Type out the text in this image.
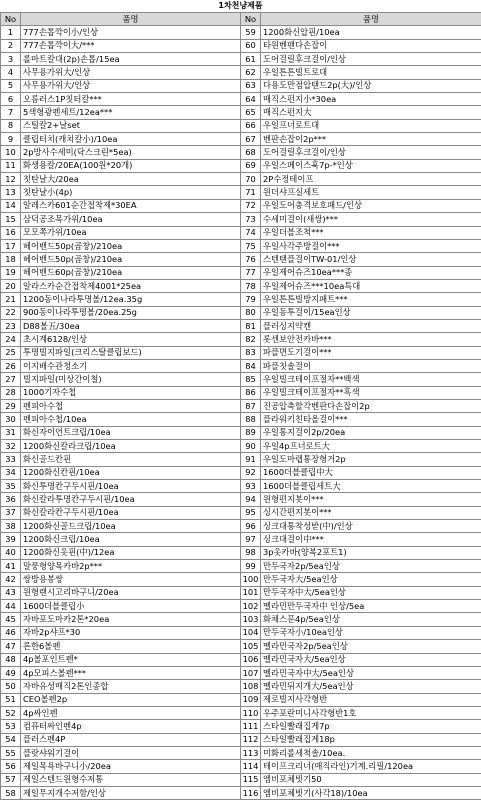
1차천냥제품
No	품명	No	품명
1	777손톱깍이小/인상	59	1200화신압핀/10ea
2	777손톱깍이大/***	60	타원벤팬다손잡이
3	롤마트칼대(2p)손톱/15ea	61	도어걸릴후크걸이/인상
4	사무용가위大/인상	62	우일튼튼빌트로대
5	사무용가위大/인상	63	다용도만점압탠드2p(大)/인상
6	오름러스1P칫터칼***	64	매직스펀지小*30ea
7	5색형광펜세트/12ea***	65	매직스펀지大
8	스틸칼2+날set	66	우일프너로트대
9	클립터치(캐치칼小)/10ea	67	벤판손잡이2p***
10	2p방사수세미(닥스크린*5ea)	68	도어걸릴후크걸이/인상
11	화생용칼/20EA(100원*20개)	69	우일스페이스훅7p-*인상
12	칫탄날大/20ea	70	2P수정테이프
13	칫탄날小(4p)	71	원더샤프실세트
14	알레스카601순간접착제*30EA	72	우일도어충격보호패드/인상
15	삼덕공조목가위/10ea	73	수세미걸이(새쌍)***
16	모모쪽가위/10ea	74	우일더블조척***
17	헤어밴드50p(곱창)/210ea	75	우일사각주방걸이***
18	헤어밴드50p(곱창)/210ea	76	스텐탠플걸이TW-01/인상
19	헤어밴드60p(곱창)/210ea	77	우일제어슈즈10ea***종
20	알라스카순간접착제4001*25ea	78	우일제어슈즈***10ea특대
21	1200동이나라투명볼/12ea.35g	79	우일튼튼빌방지패트***
22	900동이나라투명볼/20ea.25g	80	우일동투걸이/15ea인상
23	D88볼五/30ea	81	플러싱지약캔
24	초시계6128/인상	82	롯센보안전카바***
25	투명빌지파일(크리스탈클립보드)	83	파플면도기걸이***
26	이지배수관청소기	84	파플칫솔걸이
27	빌지파일(미상간이철)	85	우일빌크테이프절자**백색
28	1000기자수첩	86	우일빌크테이프절자**흑색
29	펜피아수첩	87	진공압축할각벤판다손잡이2p
30	펜피아수첩/10ea	88	플라워키친타올걸이***
31	화신자이언트크립/10ea	89	우일통지걸이2p/20ea
32	1200화신칼라크립/10ea	90	우일4p프너로트大
33	화신골드칸핀	91	우일도마랩통장형거2p
34	1200화신칸핀/10ea	92	1600더블클립中大
35	화신투명칸구두시핀/10ea	93	1600더블클립세트大
36	화신칼라투명칸구두시핀/10ea	94	원형편지봇이***
37	화신칼라칸구두시핀/10ea	95	싱시간편지봇이***
38	1200화신골드크립/10ea	96	싱크대통착성받(中)/인상
39	1200화신크립/10ea	97	싱크대걸이中***
40	1200화신옷핀(中)/12ea	98	3p옷카바(양복2포트1)
41	말풍형양목카바2p***	99	만두국자2p/5ea인상
42	쌍방용봉쌍	100	만두국자大/5ea인상
43	원형랜시고리바구니/20ea	101	만두국자中大/5ea인상
44	1600더블클립小	102	멜라민만두국자中 인상/5ea
45	자바포도마카2톤*20ea	103	화채스푼4p/5ea인상
46	자바2p샤프*30	104	만두국자小/10ea인상
47	론한6볼펜	105	멜라민국자2p/5ea인상
48	4p볼포인트펜*	106	멜라민국자大/5ea인상
49	4p모피스볼펜***	107	멜라민국자中大/5ea인상
50	자바유성매직2톤인종합	108	멜라민뒤지개大/5ea인상
51	CEO볼펜2p	109	제로빌지사각형반
52	4p싸인펜	110	우주포란미니사각형반1호
53	컴퓨터싸인펜4p	111	스타일빨래집게7p
54	플러스펜4P	112	스타일빨래집게18p
55	플랏샤워기걸이	113	미화리롤세척솔/10ea.
56	제일목욕바구니小/20ea	114	테이프크리너(매직라인)기계.리필/120ea
57	제일스텐드원형수저통	115	엠비포체빗기50
58	제일무지개수저함/인상	116	엠비포체빗기(사각18)/10ea
